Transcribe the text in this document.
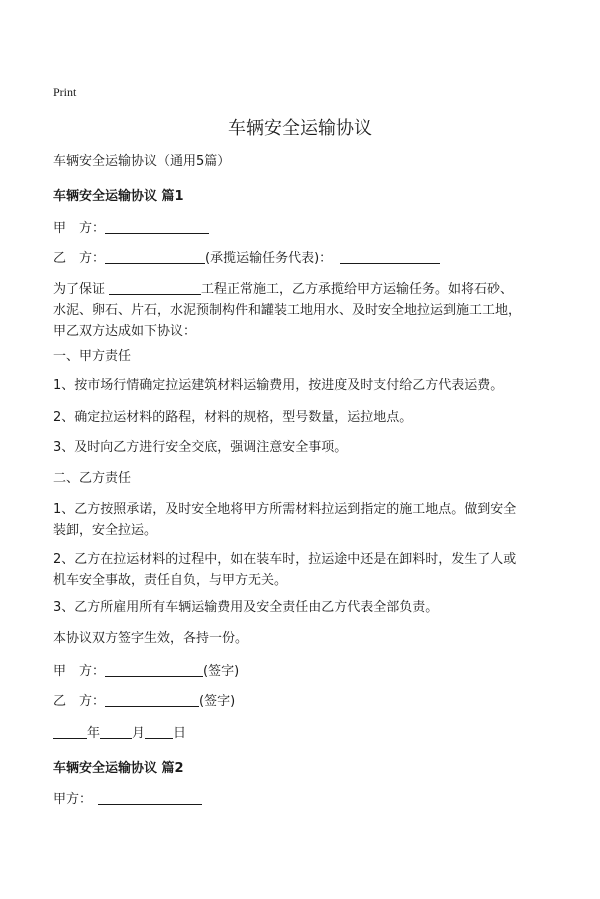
Print
车辆安全运输协议
车辆安全运输协议（通用5篇）
车辆安全运输协议 篇1
甲　方：
乙　方：	(承揽运输任务代表)：
为了保证	工程正常施工，乙方承揽给甲方运输任务。如将石砂、
水泥、卵石、片石，水泥预制构件和罐装工地用水、及时安全地拉运到施工工地，
甲乙双方达成如下协议：
一、甲方责任
1、按市场行情确定拉运建筑材料运输费用，按进度及时支付给乙方代表运费。
2、确定拉运材料的路程，材料的规格，型号数量，运拉地点。
3、及时向乙方进行安全交底，强调注意安全事项。
二、乙方责任
1、乙方按照承诺，及时安全地将甲方所需材料拉运到指定的施工地点。做到安全
装卸，安全拉运。
2、乙方在拉运材料的过程中，如在装车时，拉运途中还是在卸料时，发生了人或
机车安全事故，责任自负，与甲方无关。
3、乙方所雇用所有车辆运输费用及安全责任由乙方代表全部负责。
本协议双方签字生效，各持一份。
甲　方：	(签字)
乙　方：	(签字)
年 月 日
车辆安全运输协议 篇2
甲方：
